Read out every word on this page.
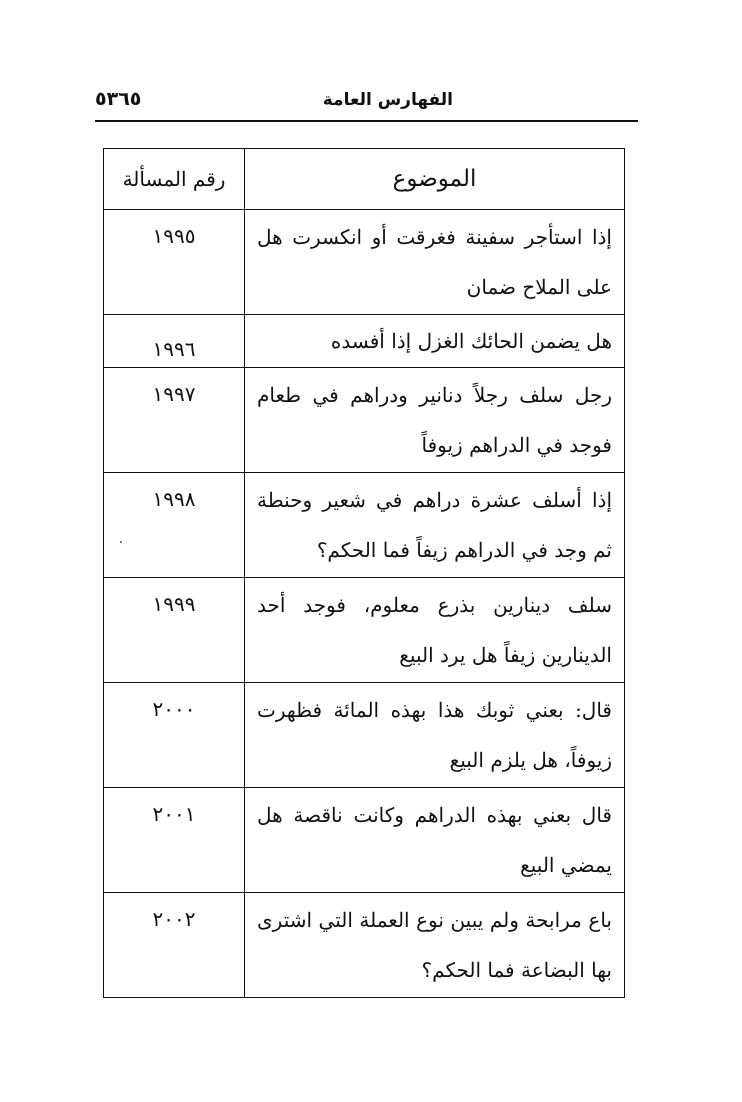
الفهارس العامة
٥٣٦٥
الموضوع	رقم المسألة
إذا استأجر سفينة فغرقت أو انكسرت هل على الملاح ضمان	١٩٩٥
هل يضمن الحائك الغزل إذا أفسده	١٩٩٦
رجل سلف رجلاً دنانير ودراهم في طعام فوجد في الدراهم زيوفاً	١٩٩٧
إذا أسلف عشرة دراهم في شعير وحنطة ثم وجد في الدراهم زيفاً فما الحكم؟	١٩٩٨
سلف دينارين بذرع معلوم، فوجد أحد الدينارين زيفاً هل يرد البيع	١٩٩٩
قال: بعني ثوبك هذا بهذه المائة فظهرت زيوفاً، هل يلزم البيع	٢٠٠٠
قال بعني بهذه الدراهم وكانت ناقصة هل يمضي البيع	٢٠٠١
باع مرابحة ولم يبين نوع العملة التي اشترى بها البضاعة فما الحكم؟	٢٠٠٢
